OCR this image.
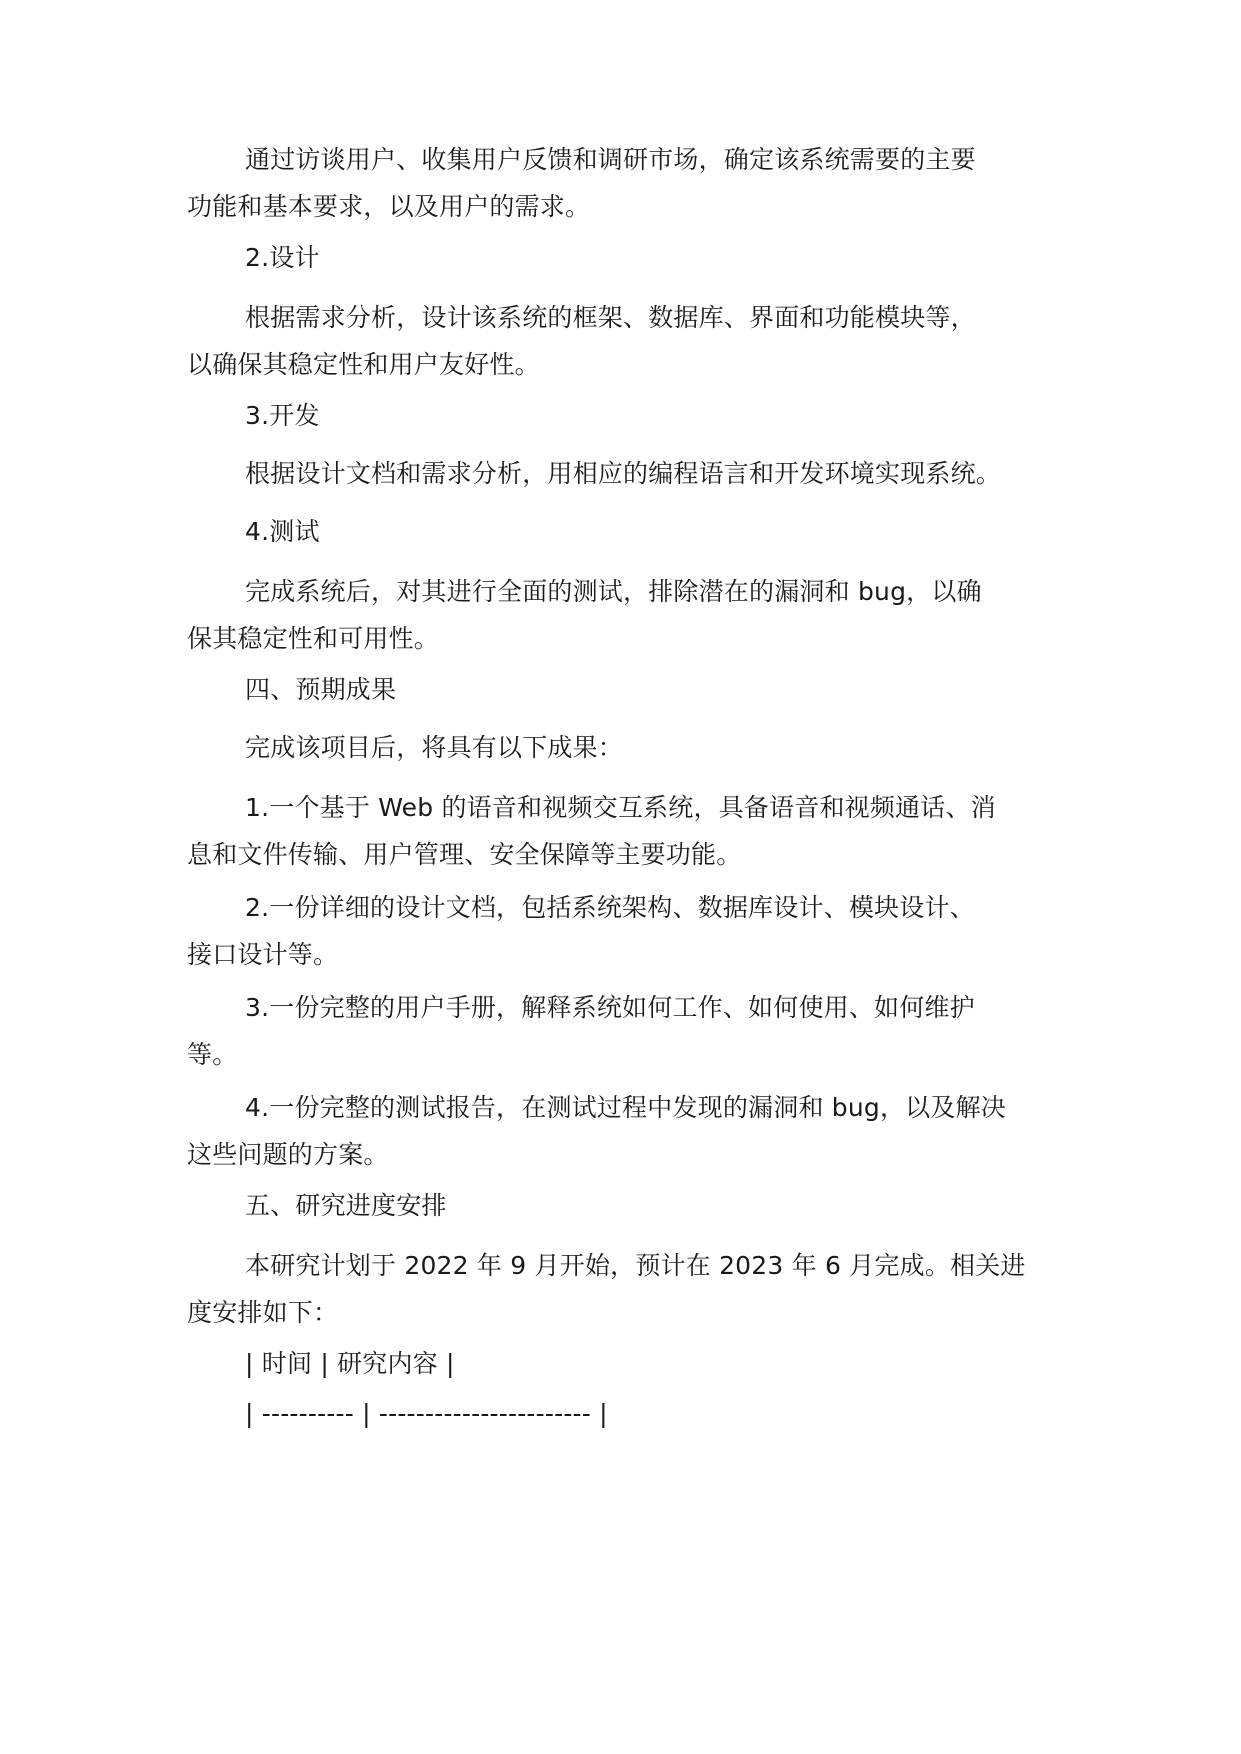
通过访谈用户、收集用户反馈和调研市场，确定该系统需要的主要
功能和基本要求，以及用户的需求。

2.设计

根据需求分析，设计该系统的框架、数据库、界面和功能模块等，
以确保其稳定性和用户友好性。

3.开发

根据设计文档和需求分析，用相应的编程语言和开发环境实现系统。

4.测试

完成系统后，对其进行全面的测试，排除潜在的漏洞和 bug，以确
保其稳定性和可用性。

四、预期成果

完成该项目后，将具有以下成果：

1.一个基于 Web 的语音和视频交互系统，具备语音和视频通话、消
息和文件传输、用户管理、安全保障等主要功能。
2.一份详细的设计文档，包括系统架构、数据库设计、模块设计、
接口设计等。
3.一份完整的用户手册，解释系统如何工作、如何使用、如何维护
等。
4.一份完整的测试报告，在测试过程中发现的漏洞和 bug，以及解决
这些问题的方案。

五、研究进度安排

本研究计划于 2022 年 9 月开始，预计在 2023 年 6 月完成。相关进
度安排如下：

| 时间 | 研究内容 |

| ---------- | ----------------------- |
